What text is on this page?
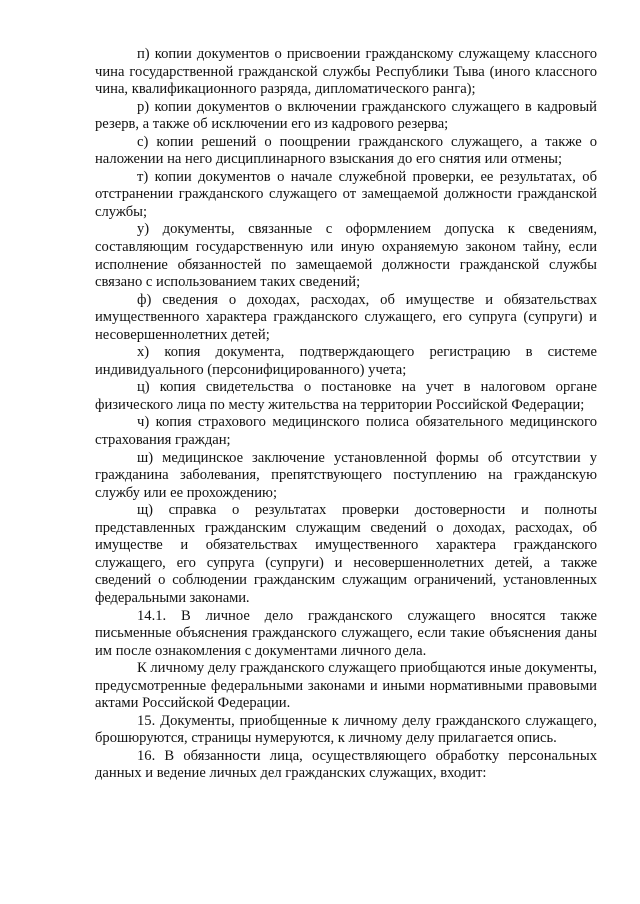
п) копии документов о присвоении гражданскому служащему классного чина государственной гражданской службы Республики Тыва (иного классного чина, квалификационного разряда, дипломатического ранга);

р) копии документов о включении гражданского служащего в кадровый резерв, а также об исключении его из кадрового резерва;

с) копии решений о поощрении гражданского служащего, а также о наложении на него дисциплинарного взыскания до его снятия или отмены;

т) копии документов о начале служебной проверки, ее результатах, об отстранении гражданского служащего от замещаемой должности гражданской службы;

у) документы, связанные с оформлением допуска к сведениям, составляющим государственную или иную охраняемую законом тайну, если исполнение обязанностей по замещаемой должности гражданской службы связано с использованием таких сведений;

ф) сведения о доходах, расходах, об имуществе и обязательствах имущественного характера гражданского служащего, его супруга (супруги) и несовершеннолетних детей;

х) копия документа, подтверждающего регистрацию в системе индивидуального (персонифицированного) учета;

ц) копия свидетельства о постановке на учет в налоговом органе физического лица по месту жительства на территории Российской Федерации;

ч) копия страхового медицинского полиса обязательного медицинского страхования граждан;

ш) медицинское заключение установленной формы об отсутствии у гражданина заболевания, препятствующего поступлению на гражданскую службу или ее прохождению;

щ) справка о результатах проверки достоверности и полноты представленных гражданским служащим сведений о доходах, расходах, об имуществе и обязательствах имущественного характера гражданского служащего, его супруга (супруги) и несовершеннолетних детей, а также сведений о соблюдении гражданским служащим ограничений, установленных федеральными законами.

14.1. В личное дело гражданского служащего вносятся также письменные объяснения гражданского служащего, если такие объяснения даны им после ознакомления с документами личного дела.

К личному делу гражданского служащего приобщаются иные документы, предусмотренные федеральными законами и иными нормативными правовыми актами Российской Федерации.

15. Документы, приобщенные к личному делу гражданского служащего, брошюруются, страницы нумеруются, к личному делу прилагается опись.

16. В обязанности лица, осуществляющего обработку персональных данных и ведение личных дел гражданских служащих, входит:
